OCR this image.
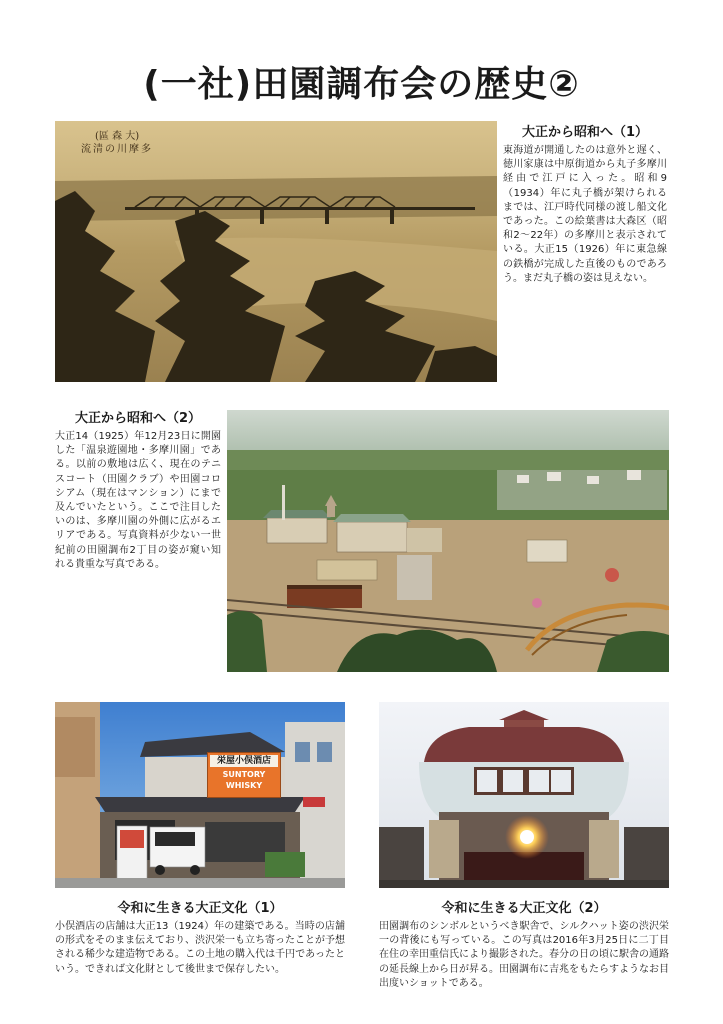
(一社)田園調布会の歴史②
(區 森 大)
流清の川摩多
大正から昭和へ（1）
東海道が開通したのは意外と遅く、徳川家康は中原街道から丸子多摩川経由で江戸に入った。昭和9（1934）年に丸子橋が架けられるまでは、江戸時代同様の渡し船文化であった。この絵葉書は大森区（昭和2〜22年）の多摩川と表示されている。大正15（1926）年に東急線の鉄橋が完成した直後のものであろう。まだ丸子橋の姿は見えない。
大正から昭和へ（2）
大正14（1925）年12月23日に開園した「温泉遊園地・多摩川園」である。以前の敷地は広く、現在のテニスコート（田園クラブ）や田園コロシアム（現在はマンション）にまで及んでいたという。ここで注目したいのは、多摩川園の外側に広がるエリアである。写真資料が少ない一世紀前の田園調布2丁目の姿が窺い知れる貴重な写真である。
栄屋小俣酒店
SUNTORY
WHISKY
令和に生きる大正文化（1）
小俣酒店の店舗は大正13（1924）年の建築である。当時の店舗の形式をそのまま伝えており、渋沢栄一も立ち寄ったことが予想される稀少な建造物である。この土地の購入代は千円であったという。できれば文化財として後世まで保存したい。
令和に生きる大正文化（2）
田園調布のシンボルというべき駅舎で、シルクハット姿の渋沢栄一の背後にも写っている。この写真は2016年3月25日に二丁目在住の幸田重信氏により撮影された。春分の日の頃に駅舎の通路の延長線上から日が昇る。田園調布に吉兆をもたらすようなお目出度いショットである。
